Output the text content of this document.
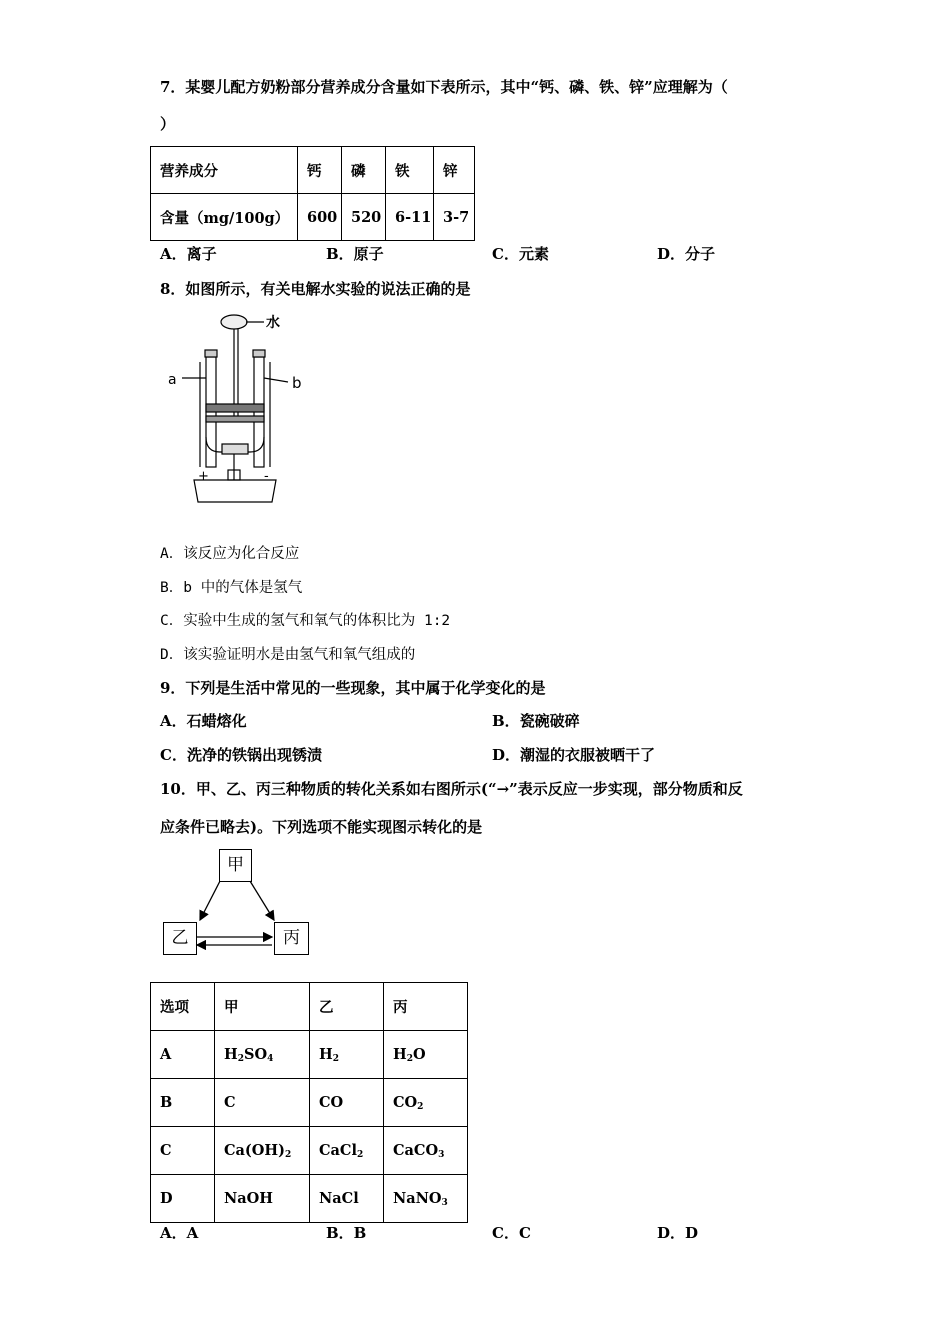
7．某婴儿配方奶粉部分营养成分含量如下表所示，其中“钙、磷、铁、锌”应理解为（
）
营养成分	钙	磷	铁	锌
含量（mg/100g）	600	520	6-11	3-7
A．离子	B．原子	C．元素	D．分子
8．如图所示，有关电解水实验的说法正确的是
水
a	b
+	-
A．该反应为化合反应
B．b 中的气体是氢气
C．实验中生成的氢气和氧气的体积比为 1:2
D．该实验证明水是由氢气和氧气组成的
9．下列是生活中常见的一些现象，其中属于化学变化的是
A．石蜡熔化	B．瓷碗破碎
C．洗净的铁锅出现锈渍	D．潮湿的衣服被晒干了
10．甲、乙、丙三种物质的转化关系如右图所示(“→”表示反应一步实现，部分物质和反
应条件已略去)。下列选项不能实现图示转化的是
甲
乙	丙
选项	甲	乙	丙
A	$H_2SO_4$	$H_2$	$H_2O$
B	C	CO	$CO_2$
C	$Ca(OH)_2$	CaCl$_2$	CaCO$_3$
D	NaOH	NaCl	NaNO$_3$
A．A	B．B	C．C	D．D
